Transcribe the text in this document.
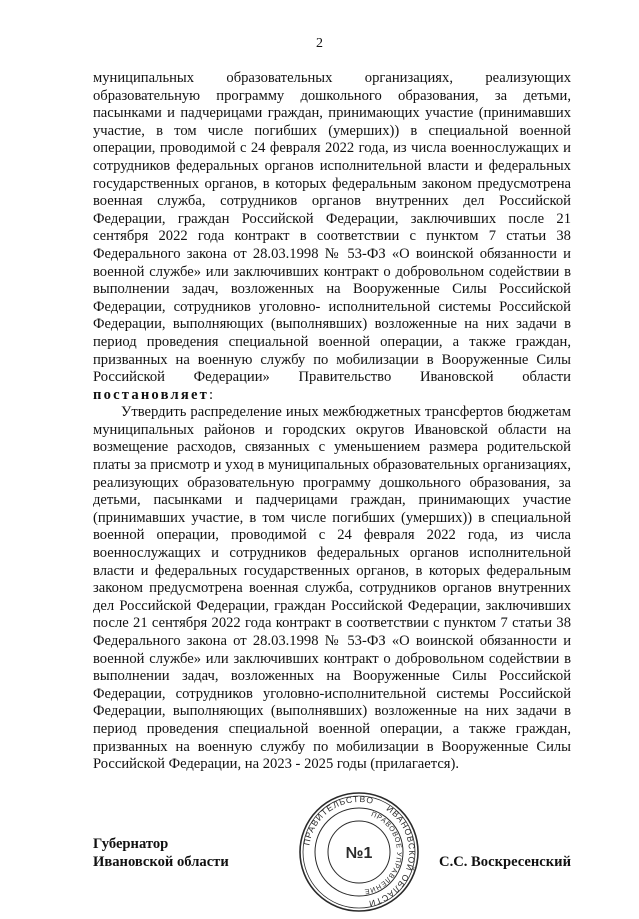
2

муниципальных образовательных организациях, реализующих образовательную программу дошкольного образования, за детьми, пасынками и падчерицами граждан, принимающих участие (принимавших участие, в том числе погибших (умерших)) в специальной военной операции, проводимой с 24 февраля 2022 года, из числа военнослужащих и сотрудников федеральных органов исполнительной власти и федеральных государственных органов, в которых федеральным законом предусмотрена военная служба, сотрудников органов внутренних дел Российской Федерации, граждан Российской Федерации, заключивших после 21 сентября 2022 года контракт в соответствии с пунктом 7 статьи 38 Федерального закона от 28.03.1998 № 53-ФЗ «О воинской обязанности и военной службе» или заключивших контракт о добровольном содействии в выполнении задач, возложенных на Вооруженные Силы Российской Федерации, сотрудников уголовно- исполнительной системы Российской Федерации, выполняющих (выполнявших) возложенные на них задачи в период проведения специальной военной операции, а также граждан, призванных на военную службу по мобилизации в Вооруженные Силы Российской Федерации» Правительство Ивановской области постановляет:

Утвердить распределение иных межбюджетных трансфертов бюджетам муниципальных районов и городских округов Ивановской области на возмещение расходов, связанных с уменьшением размера родительской платы за присмотр и уход в муниципальных образовательных организациях, реализующих образовательную программу дошкольного образования, за детьми, пасынками и падчерицами граждан, принимающих участие (принимавших участие, в том числе погибших (умерших)) в специальной военной операции, проводимой с 24 февраля 2022 года, из числа военнослужащих и сотрудников федеральных органов исполнительной власти и федеральных государственных органов, в которых федеральным законом предусмотрена военная служба, сотрудников органов внутренних дел Российской Федерации, граждан Российской Федерации, заключивших после 21 сентября 2022 года контракт в соответствии с пунктом 7 статьи 38 Федерального закона от 28.03.1998 № 53-ФЗ «О воинской обязанности и военной службе» или заключивших контракт о добровольном содействии в выполнении задач, возложенных на Вооруженные Силы Российской Федерации, сотрудников уголовно-исполнительной системы Российской Федерации, выполняющих (выполнявших) возложенные на них задачи в период проведения специальной военной операции, а также граждан, призванных на военную службу по мобилизации в Вооруженные Силы Российской Федерации, на 2023 - 2025 годы (прилагается).

ПРАВИТЕЛЬСТВО
ИВАНОВСКОЙ ОБЛАСТИ
ПРАВОВОЕ УПРАВЛЕНИЕ
№1
Губернатор
Ивановской области	С.С. Воскресенский
